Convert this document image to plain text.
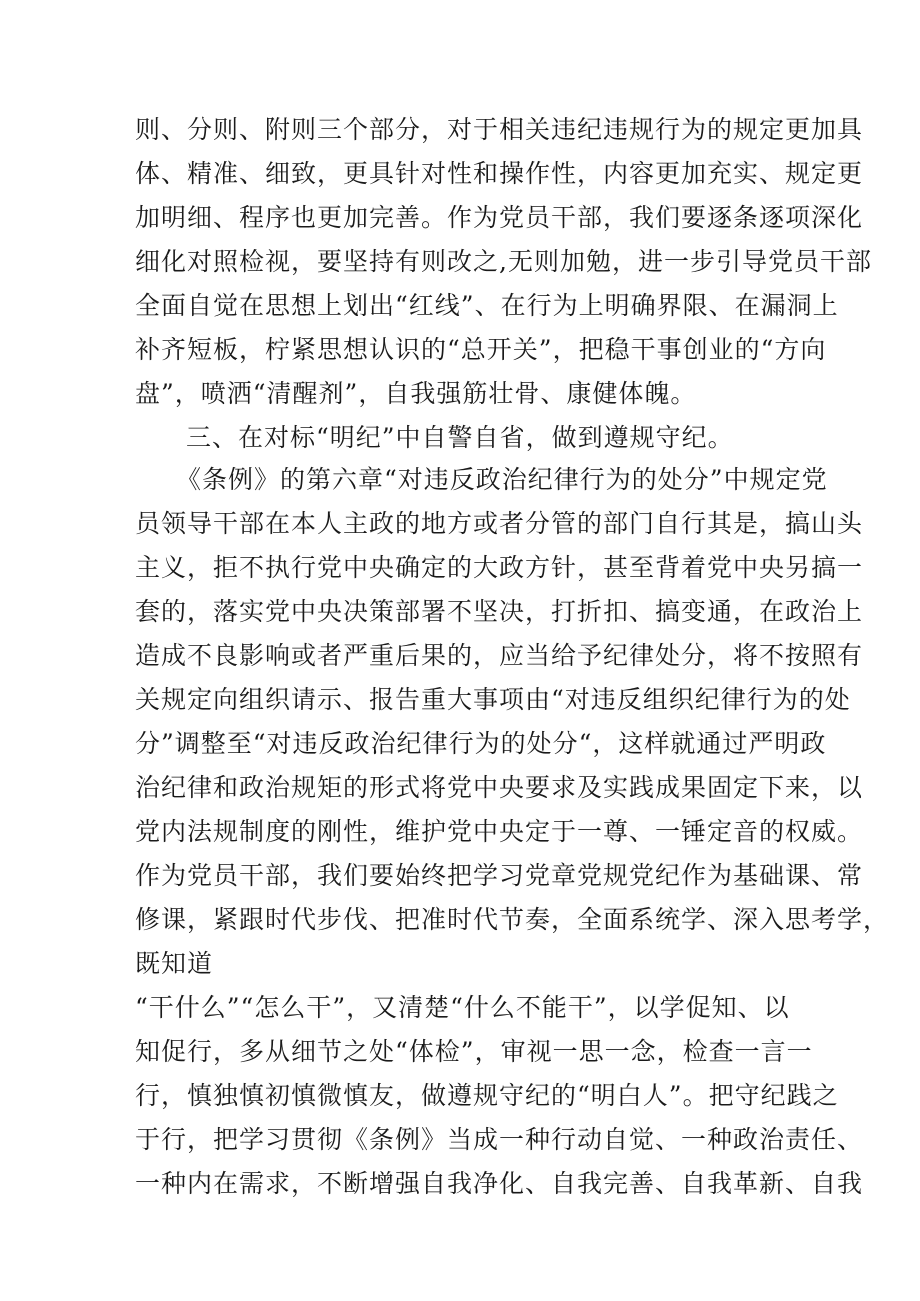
则、分则、附则三个部分，对于相关违纪违规行为的规定更加具
体、精准、细致，更具针对性和操作性，内容更加充实、规定更
加明细、程序也更加完善。作为党员干部，我们要逐条逐项深化
细化对照检视，要坚持有则改之,无则加勉，进一步引导党员干部
全面自觉在思想上划出“红线”、在行为上明确界限、在漏洞上
补齐短板，柠紧思想认识的“总开关”，把稳干事创业的“方向
盘”，喷洒“清醒剂”，自我强筋壮骨、康健体魄。
三、在对标“明纪”中自警自省，做到遵规守纪。
《条例》的第六章“对违反政治纪律行为的处分”中规定党
员领导干部在本人主政的地方或者分管的部门自行其是，搞山头
主义，拒不执行党中央确定的大政方针，甚至背着党中央另搞一
套的，落实党中央决策部署不坚决，打折扣、搞变通，在政治上
造成不良影响或者严重后果的，应当给予纪律处分，将不按照有
关规定向组织请示、报告重大事项由“对违反组织纪律行为的处
分”调整至“对违反政治纪律行为的处分“，这样就通过严明政
治纪律和政治规矩的形式将党中央要求及实践成果固定下来，以
党内法规制度的刚性，维护党中央定于一尊、一锤定音的权威。
作为党员干部，我们要始终把学习党章党规党纪作为基础课、常
修课，紧跟时代步伐、把准时代节奏，全面系统学、深入思考学，
既知道
“干什么”“怎么干”，又清楚“什么不能干”，以学促知、以
知促行，多从细节之处“体检”，审视一思一念，检查一言一
行，慎独慎初慎微慎友，做遵规守纪的“明白人”。把守纪践之
于行，把学习贯彻《条例》当成一种行动自觉、一种政治责任、
一种内在需求，不断增强自我净化、自我完善、自我革新、自我
